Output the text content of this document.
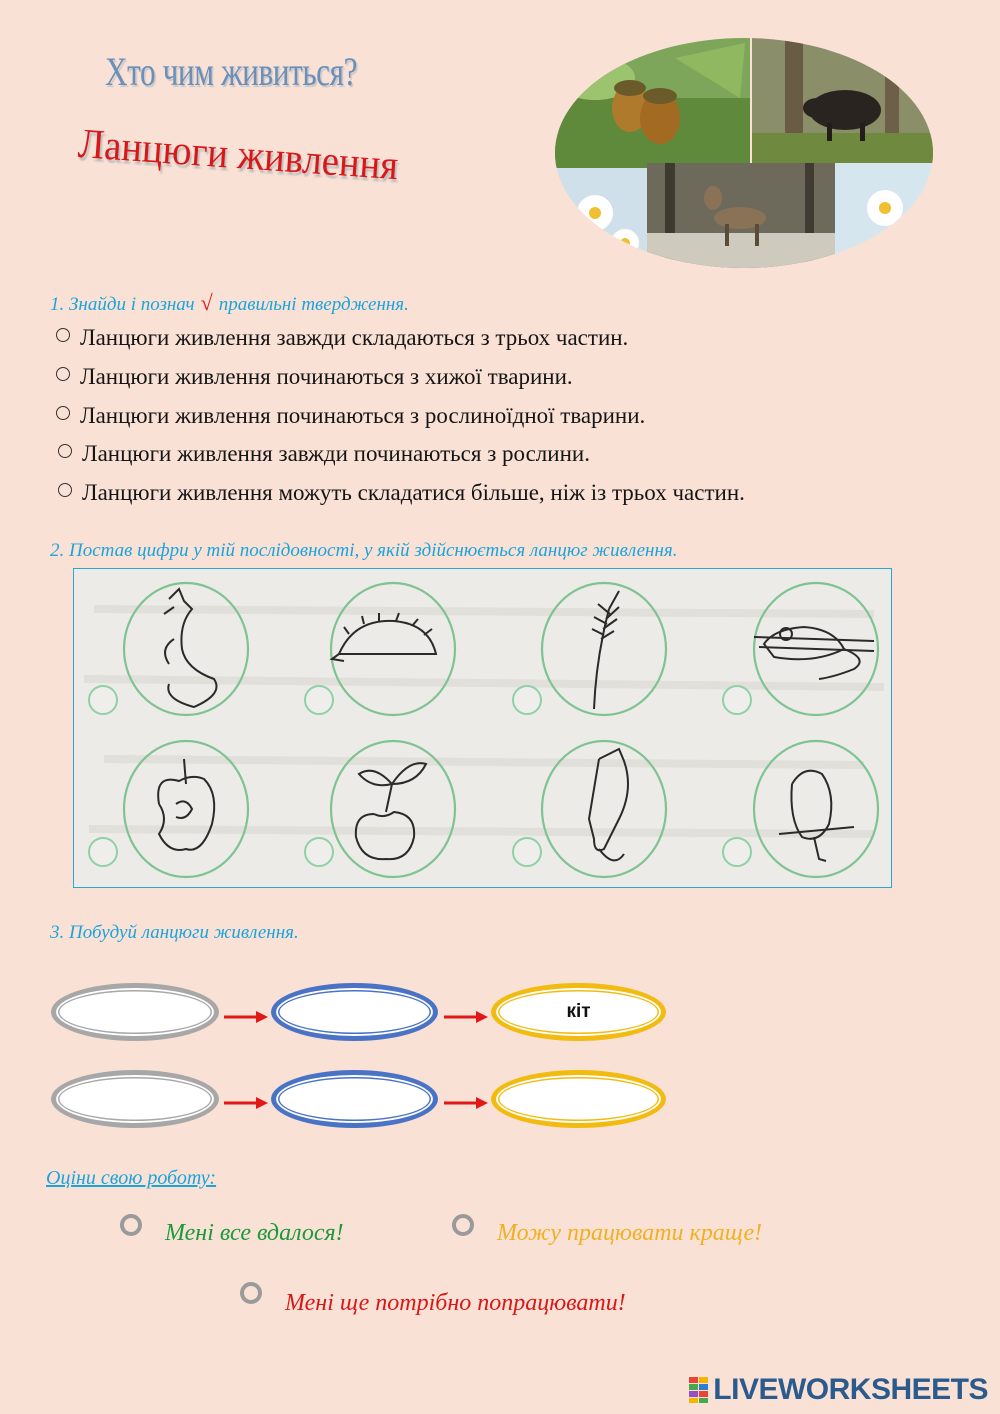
Хто чим живиться?
Ланцюги живлення
1. Знайди і познач √ правильні твердження.
Ланцюги живлення завжди складаються з трьох частин.
Ланцюги живлення починаються з хижої тварини.
Ланцюги живлення починаються з рослиноїдної тварини.
Ланцюги живлення завжди починаються з рослини.
Ланцюги живлення можуть складатися більше, ніж із трьох частин.
2. Постав цифри у тій послідовності, у якій здійснюється ланцюг живлення.
3. Побудуй ланцюги живлення.
кіт
Оціни свою роботу:
Мені все вдалося!	Можу працювати краще!
Мені ще потрібно попрацювати!
LIVEWORKSHEETS
